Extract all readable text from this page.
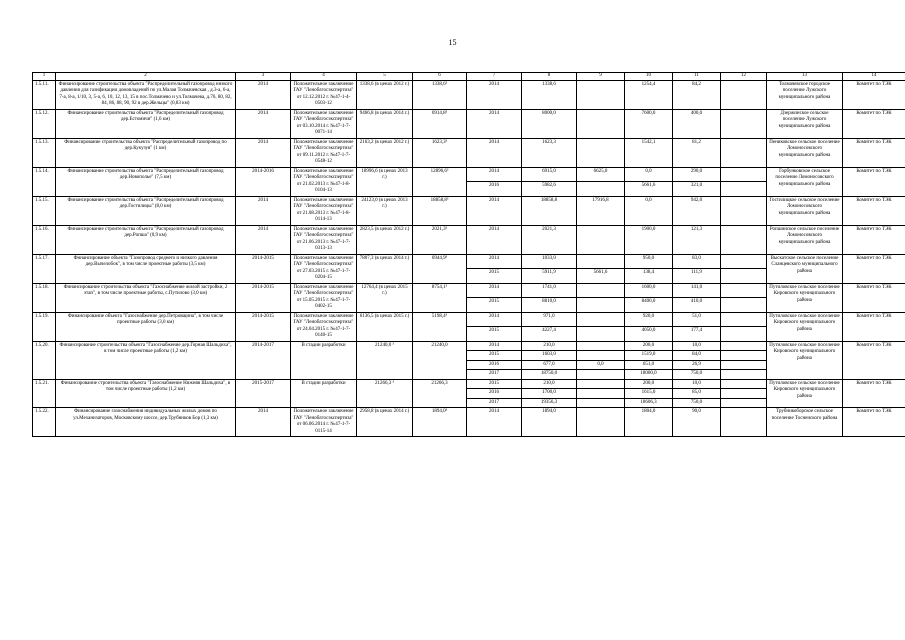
15
1	2	3	4	5	6	7	8	9	10	11	12	13	14
1.5.11.	Финансирование строительства объекта "Распределительный газопровод низкого давления для газификации домовладений по ул.Малая Толмачевская , д.3-а, 6-а, 7-а, 8-а, 1/10, 3, 5-а, 6, 10, 12, 13, 15 в пос.Толмачево и ул.Толмачева, д.76, 80, 82, 84, 86, 88, 90, 92 в дер.Жельцы" (0,83 км)	2014	Положительное заключение ГАУ "Леноблгосэкспертиза" от 12.12.2012 г. №47-1-4-0503-12	1338,6 (в ценах 2012 г.)	1338,6³	2014	1338,6		1254,4	84,2		Толмачевское городское поселение Лужского муниципального района	Комитет по ТЭК
1.5.12.	Финансирование строительства объекта "Распределительный газопровод дер.Естомичи" (1,6 км)	2014	Положительное заключение ГАУ "Леноблгосэкспертиза" от 03.10.2014 г. №47-1-7-0071-14	9466,8 (в ценах 2014 г.)	6914,8³	2014	8000,0		7600,0	400,0		Дзержинское сельское поселение Лужского муниципального района	Комитет по ТЭК
1.5.13.	Финансирование строительства объекта "Распределительный газопровод по дер.Кукузув" (1 км)	2014	Положительное заключение ГАУ "Леноблгосэкспертиза" от 09.11.2012 г. №47-1-7-0548-12	2163,2 (в ценах 2012 г.)	1623,3³	2014	1623,3		1542,1	81,2		Пениковское сельское поселение Ломоносовского муниципального района	Комитет по ТЭК
1.5.14.	Финансирование строительства объекта "Распределительный газопровод дер.Новополье" (7,5 км)	2014-2016	Положительное заключение ГАУ "Леноблгосэкспертиза" от 21.02.2013 г. №47-1-8-0104-13	18996,6 (в ценах 2013 г.)	12896,6³	2014	6915,0	6625,0	0,0	290,0		Горбунковское сельское поселение Ломоносовского муниципального района	Комитет по ТЭК
						2016	5982,6		5661,6	321,0			
1.5.15.	Финансирование строительства объекта "Распределительный газопровод дер.Гостилицы" (8,0 км)	2014	Положительное заключение ГАУ "Леноблгосэкспертиза" от 21.08.2013 г. №47-1-8-0114-13	24123,0 (в ценах 2013 г.)	18858,8³	2014	18858,8	17916,8	0,0	942,0		Гостилицкое сельское поселение Ломоносовского муниципального района	Комитет по ТЭК
1.5.16.	Финансирование строительства объекта "Распределительный газопровод дер.Ропша" (0,9 км)	2014	Положительное заключение ГАУ "Леноблгосэкспертиза" от 21.06.2013 г. №47-1-7-0313-13	2823,5 (в ценах 2012 г.)	2021,3³	2014	2021,3		1900,0	121,3		Ропшинское сельское поселение Ломоносовского муниципального района	Комитет по ТЭК
1.5.17.	Финансирование объекта "Газопровод среднего и низкого давления дер.Вычелобок", в том числе проектные работы (3,5 км)	2014-2015	Положительное заключение ГАУ "Леноблгосэкспертиза" от 27.03.2015 г. №47-1-7-0204-15	7807,3 (в ценах 2014 г.)	6944,9³	2014	1033,0		950,0	83,0		Выскатское сельское поселение Сланцевского муниципального района	Комитет по ТЭК
						2015	5911,9	5661,6	138,4	111,9			
1.5.18.	Финансирование строительства объекта "Газоснабжение жилой застройки, 2 этап", в том числе проектные работы, с.Путилово (3,0 км)	2014-2015	Положительное заключение ГАУ "Леноблгосэкспертиза" от 15.05.2015 г. №47-1-7-0402-15	12764,4 (в ценах 2015 г.)	8754,1³	2014	1741,0		1600,0	141,0		Путиловское сельское поселение Кировского муниципального района	Комитет по ТЭК
						2015	8810,0		8400,0	410,0			
1.5.19.	Финансирование объекта "Газоснабжение дер.Петровщина", в том числе проектные работы (3,0 км)	2014-2015	Положительное заключение ГАУ "Леноблгосэкспертиза" от 24.04.2015 г. №47-1-7-0140-15	6136,5 (в ценах 2015 г.)	5198,4³	2014	971,0		920,0	51,0		Путиловское сельское поселение Кировского муниципального района	Комитет по ТЭК
						2015	4227,4		4050,0	177,4			
1.5.20.	Финансирование строительства объекта "Газоснабжение дер.Горная Шальдиха", в том числе проектные работы (1,2 км)	2014-2017	В стадии разработки	21240,0 ³	21240,0	2014	210,0		200,0	10,0		Путиловское сельское поселение Кировского муниципального района	Комитет по ТЭК
						2015	1603,0		1519,0	84,0			
						2016	677,0	0,0	651,0	26,9			
						2017	18750,0		18000,0	750,0			
1.5.21.	Финансирование строительства объекта "Газоснабжение Нижняя Шальдиха", в том числе проектные работы (1,2 км)	2015-2017	В стадии разработки	21266,3 ³	21266,3	2015	210,0		200,0	10,0		Путиловское сельское поселение Кировского муниципального района	Комитет по ТЭК
						2016	1700,0		1615,0	85,0			
						2017	19356,3		18606,3	750,0			
1.5.22.	Финансирование газоснабжения индивидуальных жилых домов по ул.Механизаторов, Московскому шоссе, дер.Трубников Бор (1,3 км)	2014	Положительное заключение ГАУ "Леноблгосэкспертиза" от 06.06.2014 г. №47-1-7-0115-14	2958,8 (в ценах 2014 г.)	1894,0³	2014	1894,0		1804,0	90,0		Трубникоборское сельское поселение Тосненского района	Комитет по ТЭК
